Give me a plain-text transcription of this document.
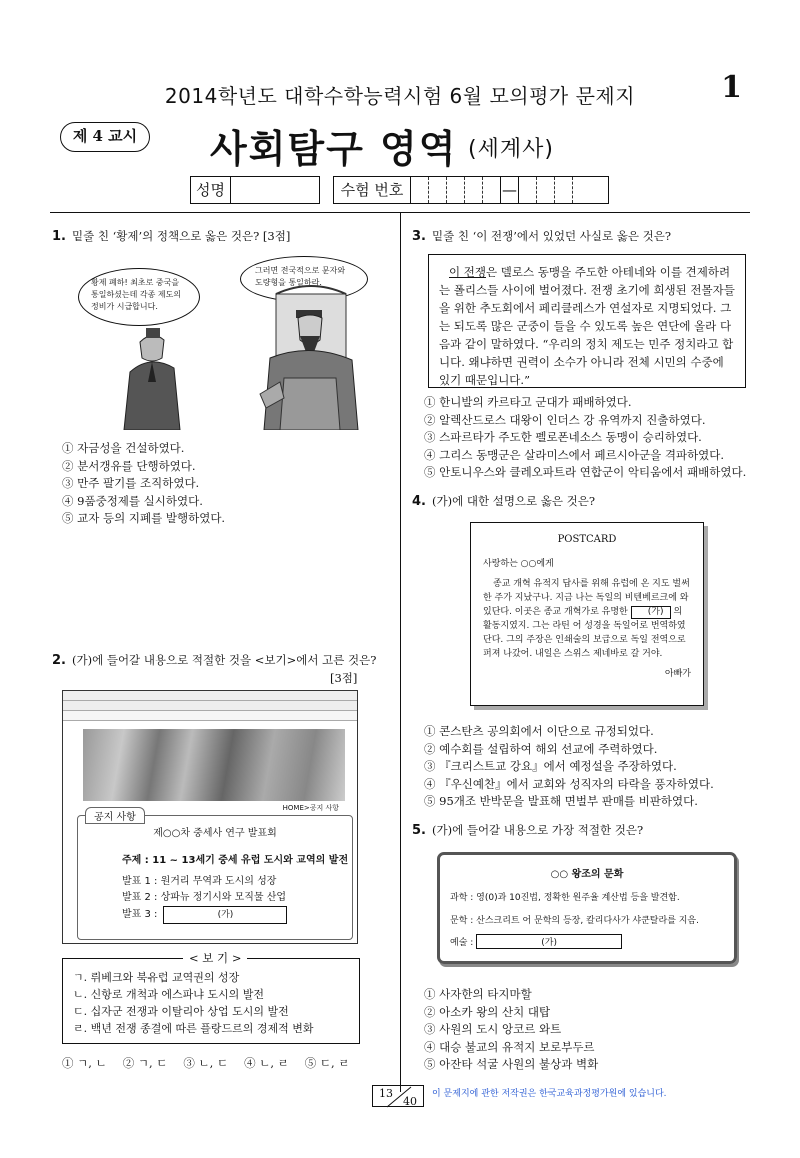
2014학년도 대학수학능력시험 6월 모의평가 문제지	1
제 4 교시	사회탐구 영역 (세계사)
성명	수험 번호	—
1. 밑줄 친 ‘황제’의 정책으로 옳은 것은? [3점]
황제 폐하! 최초로 중국을 통일하셨는데 각종 제도의 정비가 시급합니다.
그러면 전국적으로 문자와 도량형을 통일하라.
① 자금성을 건설하였다.
② 분서갱유를 단행하였다.
③ 만주 팔기를 조직하였다.
④ 9품중정제를 실시하였다.
⑤ 교자 등의 지폐를 발행하였다.
2. (가)에 들어갈 내용으로 적절한 것을 <보기>에서 고른 것은?
[3점]
HOME>공지 사항
제○○차 중세사 연구 발표회
주제 : 11 ~ 13세기 중세 유럽 도시와 교역의 발전
발표 1 : 원거리 무역과 도시의 성장
발표 2 : 상파뉴 정기시와 모직물 산업
발표 3 :	(가)
공지 사항
< 보 기 >
ㄱ. 뤼베크와 북유럽 교역권의 성장
ㄴ. 신항로 개척과 에스파냐 도시의 발전
ㄷ. 십자군 전쟁과 이탈리아 상업 도시의 발전
ㄹ. 백년 전쟁 종결에 따른 플랑드르의 경제적 변화
① ㄱ, ㄴ ② ㄱ, ㄷ ③ ㄴ, ㄷ ④ ㄴ, ㄹ ⑤ ㄷ, ㄹ
3. 밑줄 친 ‘이 전쟁’에서 있었던 사실로 옳은 것은?
이 전쟁은 델로스 동맹을 주도한 아테네와 이를 견제하려는 폴리스들 사이에 벌어졌다. 전쟁 초기에 희생된 전몰자들을 위한 추도회에서 페리클레스가 연설자로 지명되었다. 그는 되도록 많은 군중이 들을 수 있도록 높은 연단에 올라 다음과 같이 말하였다. “우리의 정치 제도는 민주 정치라고 합니다. 왜냐하면 권력이 소수가 아니라 전체 시민의 수중에 있기 때문입니다.”
① 한니발의 카르타고 군대가 패배하였다.
② 알렉산드로스 대왕이 인더스 강 유역까지 진출하였다.
③ 스파르타가 주도한 펠로폰네소스 동맹이 승리하였다.
④ 그리스 동맹군은 살라미스에서 페르시아군을 격파하였다.
⑤ 안토니우스와 클레오파트라 연합군이 악티움에서 패배하였다.
4. (가)에 대한 설명으로 옳은 것은?
POSTCARD
사랑하는 ○○에게
종교 개혁 유적지 답사를 위해 유럽에 온 지도 벌써 한 주가 지났구나. 지금 나는 독일의 비텐베르크에 와 있단다. 이곳은 종교 개혁가로 유명한 (가) 의 활동지였지. 그는 라틴 어 성경을 독일어로 번역하였단다. 그의 주장은 인쇄술의 보급으로 독일 전역으로 퍼져 나갔어. 내일은 스위스 제네바로 갈 거야.
아빠가
① 콘스탄츠 공의회에서 이단으로 규정되었다.
② 예수회를 설립하여 해외 선교에 주력하였다.
③ 『크리스트교 강요』에서 예정설을 주장하였다.
④ 『우신예찬』에서 교회와 성직자의 타락을 풍자하였다.
⑤ 95개조 반박문을 발표해 면벌부 판매를 비판하였다.
5. (가)에 들어갈 내용으로 가장 적절한 것은?
○○ 왕조의 문화
과학 : 영(0)과 10진법, 정확한 원주율 계산법 등을 발견함.
문학 : 산스크리트 어 문학의 등장, 칼리다사가 샤쿤탈라를 지음.
예술 :	(가)
① 사자한의 타지마할
② 아소카 왕의 산치 대탑
③ 사원의 도시 앙코르 와트
④ 대승 불교의 유적지 보로부두르
⑤ 아잔타 석굴 사원의 불상과 벽화
13
40
이 문제지에 관한 저작권은 한국교육과정평가원에 있습니다.
